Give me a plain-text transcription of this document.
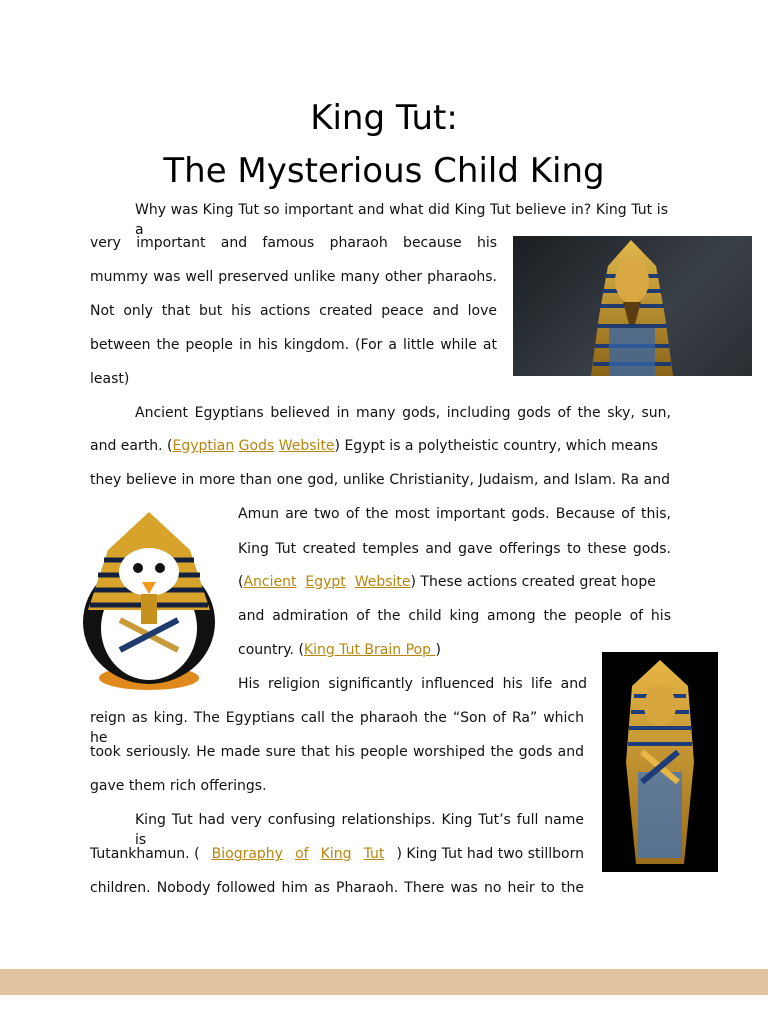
King Tut:
The Mysterious Child King
Why was King Tut so important and what did King Tut believe in? King Tut is a
very important and famous pharaoh because his
mummy was well preserved unlike many other pharaohs.
Not only that but his actions created peace and love
between the people in his kingdom. (For a little while at
least)
Ancient Egyptians believed in many gods, including gods of the sky, sun,
and earth. (Egyptian Gods Website) Egypt is a polytheistic country, which means
they believe in more than one god, unlike Christianity, Judaism, and Islam. Ra and
Amun are two of the most important gods. Because of this,
King Tut created temples and gave offerings to these gods.
(Ancient Egypt Website) These actions created great hope
and admiration of the child king among the people of his
country. (King Tut Brain Pop )
His religion significantly influenced his life and
reign as king. The Egyptians call the pharaoh the “Son of Ra” which he
took seriously. He made sure that his people worshiped the gods and
gave them rich offerings.
King Tut had very confusing relationships. King Tut’s full name is
Tutankhamun. ( Biography of King Tut ) King Tut had two stillborn
children. Nobody followed him as Pharaoh. There was no heir to the
